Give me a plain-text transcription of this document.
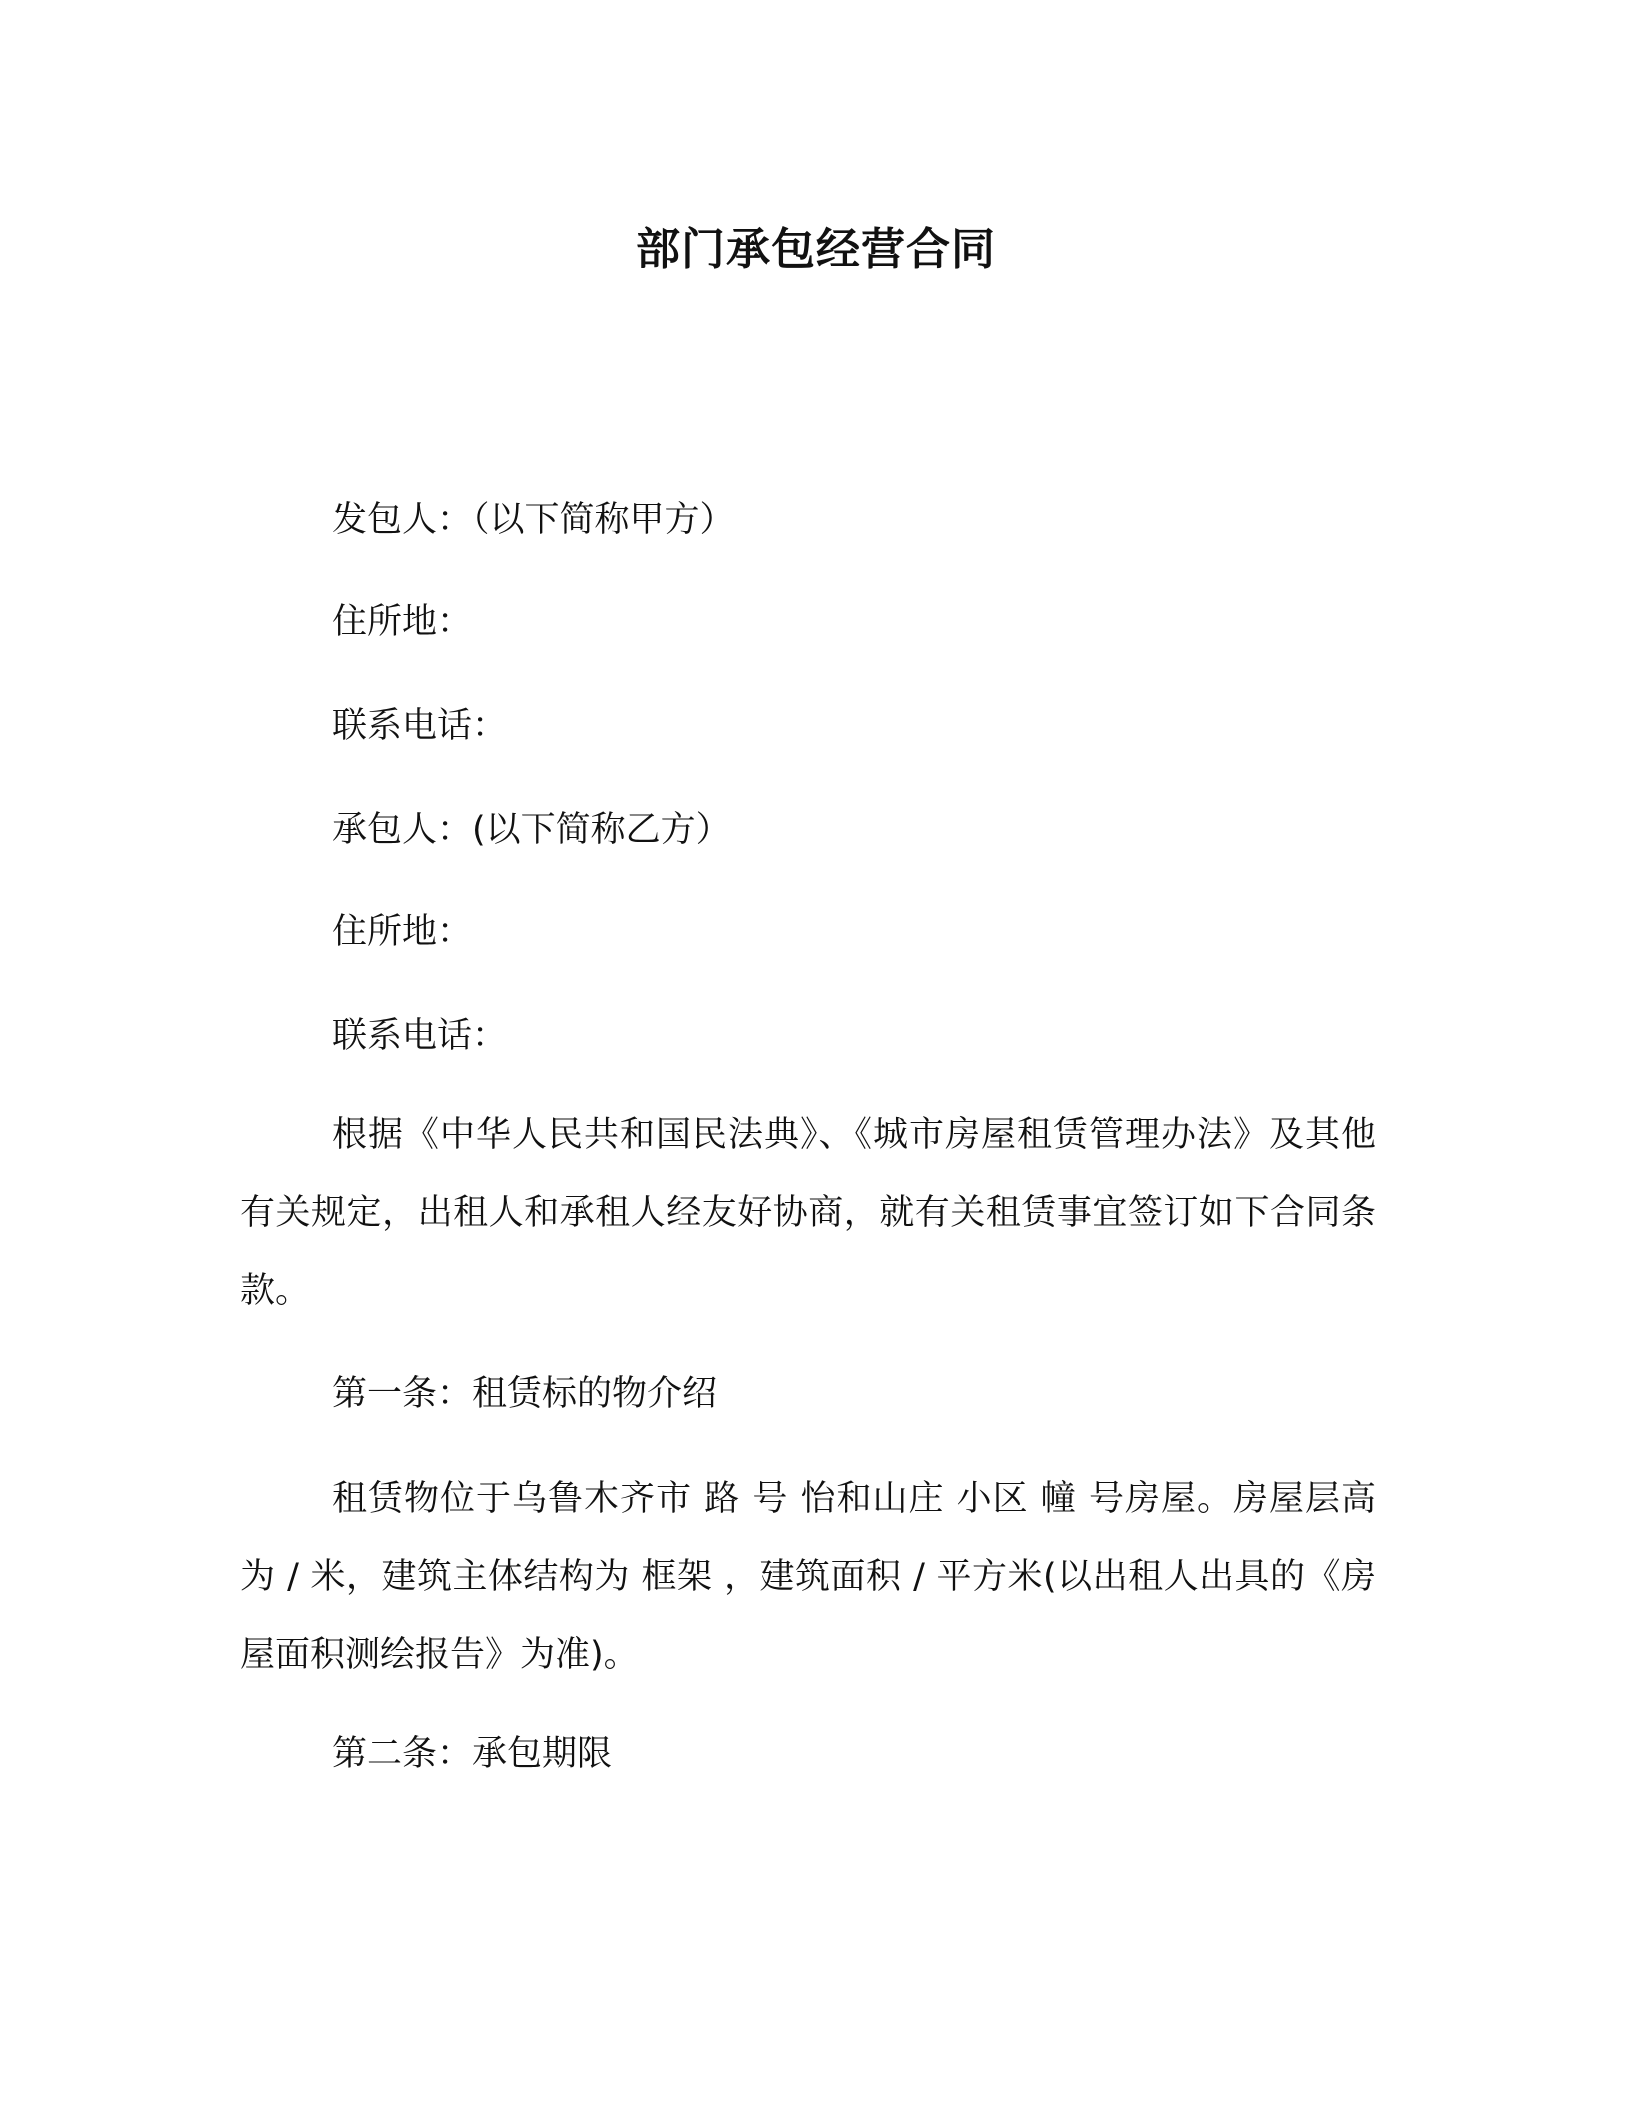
部门承包经营合同
发包人：（以下简称甲方）
住所地：
联系电话：
承包人：(以下简称乙方）
住所地：
联系电话：

根据《中华人民共和国民法典》、《城市房屋租赁管理办法》及其他有关规定，出租人和承租人经友好协商，就有关租赁事宜签订如下合同条款。

第一条：租赁标的物介绍

租赁物位于乌鲁木齐市 路 号 怡和山庄 小区 幢 号房屋。房屋层高为 / 米，建筑主体结构为 框架 ，建筑面积 / 平方米(以出租人出具的《房屋面积测绘报告》为准)。

第二条：承包期限
